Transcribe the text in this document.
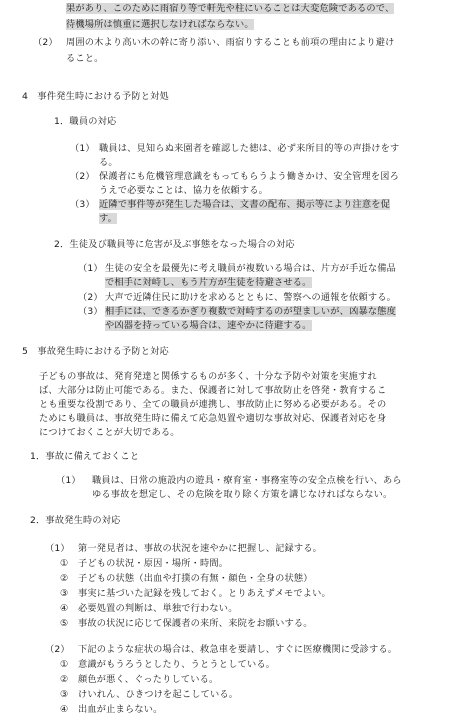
果があり、このために雨宿り等で軒先や柱にいることは大変危険であるので、
待機場所は慎重に選択しなければならない。
（2） 周囲の木より高い木の幹に寄り添い、雨宿りすることも前項の理由により避け
ること。
4　事件発生時における予防と対処
1．職員の対応
（1） 職員は、見知らぬ来園者を確認した徳は、必ず来所目的等の声掛けをす
る。
（2） 保護者にも危機管理意識をもってもらうよう働きかけ、安全管理を図ろ
うえで必要なことは、協力を依頼する。
（3） 近隣で事件等が発生した場合は、文書の配布、掲示等により注意を促
す。
2．生徒及び職員等に危害が及ぶ事態をなった場合の対応
（1） 生徒の安全を最優先に考え職員が複数いる場合は、片方が手近な備品
で相手に対峙し、もう片方が生徒を待避させる。
（2） 大声で近隣住民に助けを求めるとともに、警察への通報を依頼する。
（3） 相手には、できるかぎり複数で対峙するのが望ましいが、凶暴な態度
や凶器を持っている場合は、速やかに待避する。
5　事故発生時における予防と対応
子どもの事故は、発育発達と関係するものが多く、十分な予防や対策を実施すれ
ば、大部分は防止可能である。また、保護者に対して事故防止を啓発・教育するこ
とも重要な役割であり、全ての職員が連携し、事故防止に努める必要がある。その
ためにも職員は、事故発生時に備えて応急処置や適切な事故対応、保護者対応を身
につけておくことが大切である。
1．事故に備えておくこと
（1） 職員は、日常の施設内の遊具・療育室・事務室等の安全点検を行い、あら
ゆる事故を想定し、その危険を取り除く方策を講じなければならない。
2．事故発生時の対応
（1） 第一発見者は、事故の状況を速やかに把握し、記録する。
① 子どもの状況・原因・場所・時間。
② 子どもの状態（出血や打撲の有無・顔色・全身の状態）
③ 事実に基づいた記録を残しておく。とりあえずメモでよい。
④ 必要処置の判断は、単独で行わない。
⑤ 事故の状況に応じて保護者の来所、来院をお願いする。
（2） 下記のような症状の場合は、救急車を要請し、すぐに医療機関に受診する。
① 意識がもうろうとしたり、うとうとしている。
② 顔色が悪く、ぐったりしている。
③ けいれん、ひきつけを起こしている。
④ 出血が止まらない。
